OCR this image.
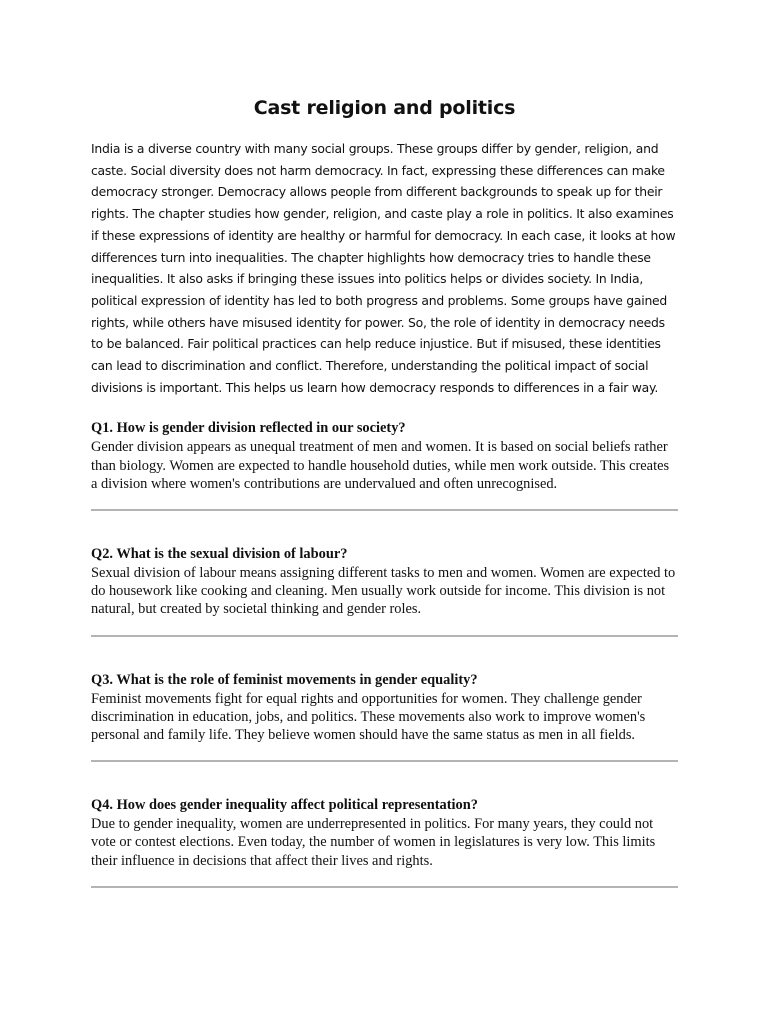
Cast religion and politics

India is a diverse country with many social groups. These groups differ by gender, religion, and caste. Social diversity does not harm democracy. In fact, expressing these differences can make democracy stronger. Democracy allows people from different backgrounds to speak up for their rights. The chapter studies how gender, religion, and caste play a role in politics. It also examines if these expressions of identity are healthy or harmful for democracy. In each case, it looks at how differences turn into inequalities. The chapter highlights how democracy tries to handle these inequalities. It also asks if bringing these issues into politics helps or divides society. In India, political expression of identity has led to both progress and problems. Some groups have gained rights, while others have misused identity for power. So, the role of identity in democracy needs to be balanced. Fair political practices can help reduce injustice. But if misused, these identities can lead to discrimination and conflict. Therefore, understanding the political impact of social divisions is important. This helps us learn how democracy responds to differences in a fair way.

Q1. How is gender division reflected in our society?

Gender division appears as unequal treatment of men and women. It is based on social beliefs rather than biology. Women are expected to handle household duties, while men work outside. This creates a division where women's contributions are undervalued and often unrecognised.

Q2. What is the sexual division of labour?

Sexual division of labour means assigning different tasks to men and women. Women are expected to do housework like cooking and cleaning. Men usually work outside for income. This division is not natural, but created by societal thinking and gender roles.

Q3. What is the role of feminist movements in gender equality?

Feminist movements fight for equal rights and opportunities for women. They challenge gender discrimination in education, jobs, and politics. These movements also work to improve women's personal and family life. They believe women should have the same status as men in all fields.

Q4. How does gender inequality affect political representation?

Due to gender inequality, women are underrepresented in politics. For many years, they could not vote or contest elections. Even today, the number of women in legislatures is very low. This limits their influence in decisions that affect their lives and rights.
